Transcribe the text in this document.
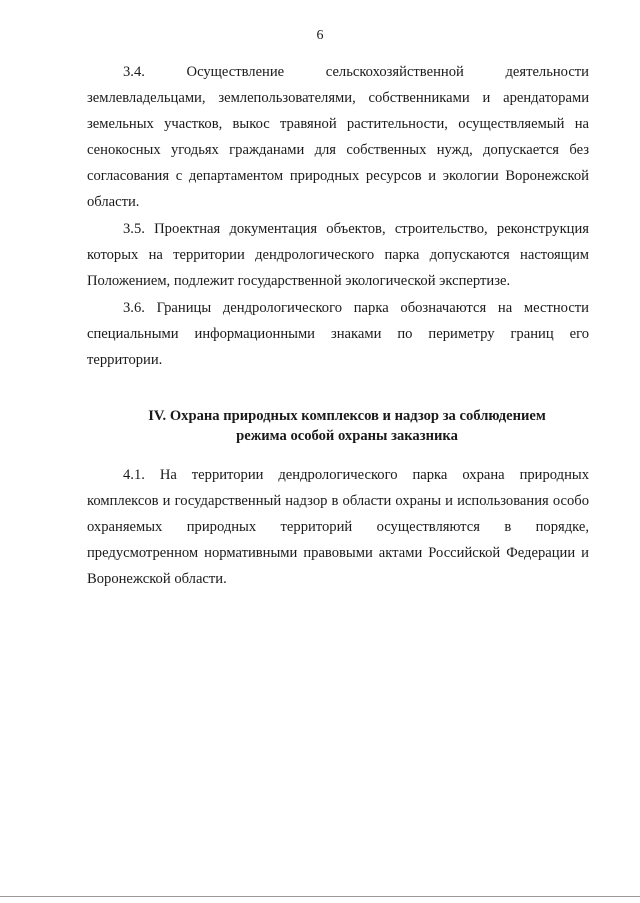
6

3.4. Осуществление сельскохозяйственной деятельности землевладельцами, землепользователями, собственниками и арендаторами земельных участков, выкос травяной растительности, осуществляемый на сенокосных угодьях гражданами для собственных нужд, допускается без согласования с департаментом природных ресурсов и экологии Воронежской области.

3.5. Проектная документация объектов, строительство, реконструкция которых на территории дендрологического парка допускаются настоящим Положением, подлежит государственной экологической экспертизе.

3.6. Границы дендрологического парка обозначаются на местности специальными информационными знаками по периметру границ его территории.

IV. Охрана природных комплексов и надзор за соблюдением
режима особой охраны заказника

4.1. На территории дендрологического парка охрана природных комплексов и государственный надзор в области охраны и использования особо охраняемых природных территорий осуществляются в порядке, предусмотренном нормативными правовыми актами Российской Федерации и Воронежской области.
